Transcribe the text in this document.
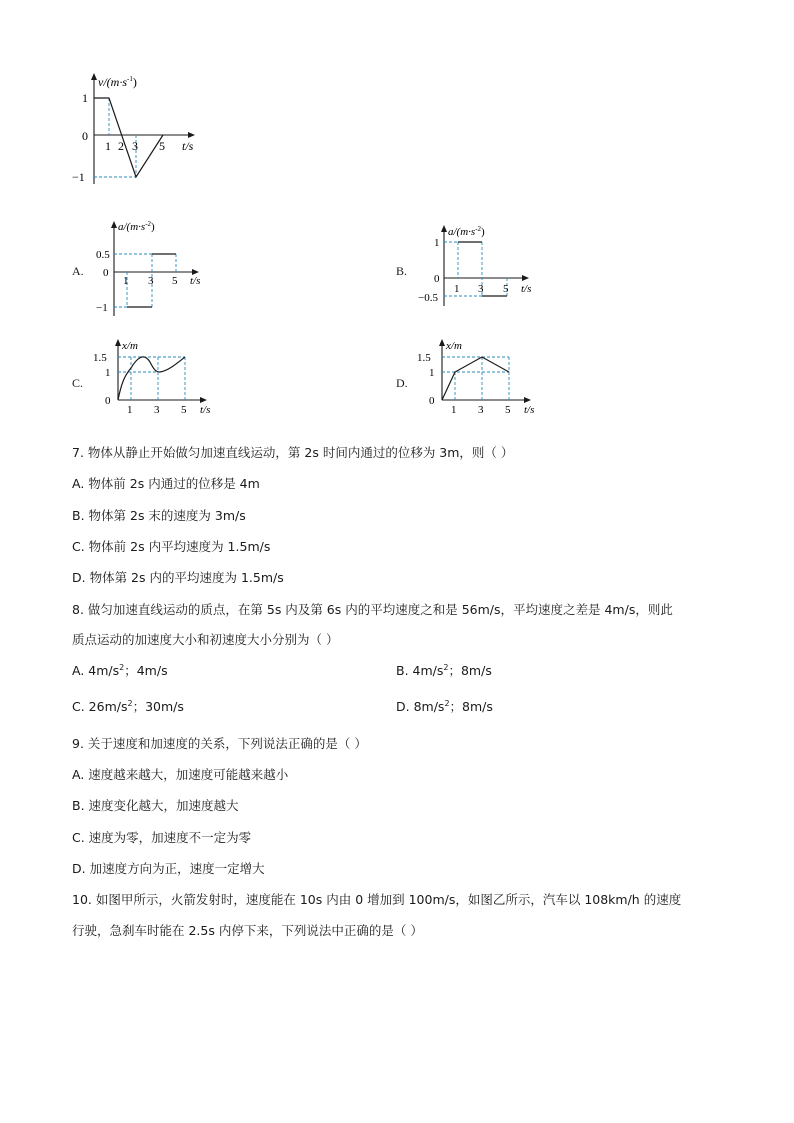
$v/(m\cdot s^{-1})$
1
0
−1
1 2 3 5 t/s
A.
$a/(m\cdot s^{-2})$
0.5
0
−1
1 3 5 t/s
B.
$a/(m\cdot s^{-2})$
1
0
−0.5
1 3 5 t/s
C.
x/m
1.5
1
0
1 3 5 t/s
D.
x/m
1.5
1
0
1 3 5 t/s
7. 物体从静止开始做匀加速直线运动，第 2s 时间内通过的位移为 3m，则（ ）
A. 物体前 2s 内通过的位移是 4m
B. 物体第 2s 末的速度为 3m/s
C. 物体前 2s 内平均速度为 1.5m/s
D. 物体第 2s 内的平均速度为 1.5m/s
8. 做匀加速直线运动的质点，在第 5s 内及第 6s 内的平均速度之和是 56m/s，平均速度之差是 4m/s，则此
质点运动的加速度大小和初速度大小分别为（ ）
A. $4m/s^2$；4m/s	B. $4m/s^2$；8m/s
C. $26m/s^2$；30m/s	D. $8m/s^2$；8m/s
9. 关于速度和加速度的关系，下列说法正确的是（ ）
A. 速度越来越大，加速度可能越来越小
B. 速度变化越大，加速度越大
C. 速度为零，加速度不一定为零
D. 加速度方向为正，速度一定增大
10. 如图甲所示，火箭发射时，速度能在 10s 内由 0 增加到 100m/s，如图乙所示，汽车以 108km/h 的速度
行驶，急刹车时能在 2.5s 内停下来，下列说法中正确的是（ ）
